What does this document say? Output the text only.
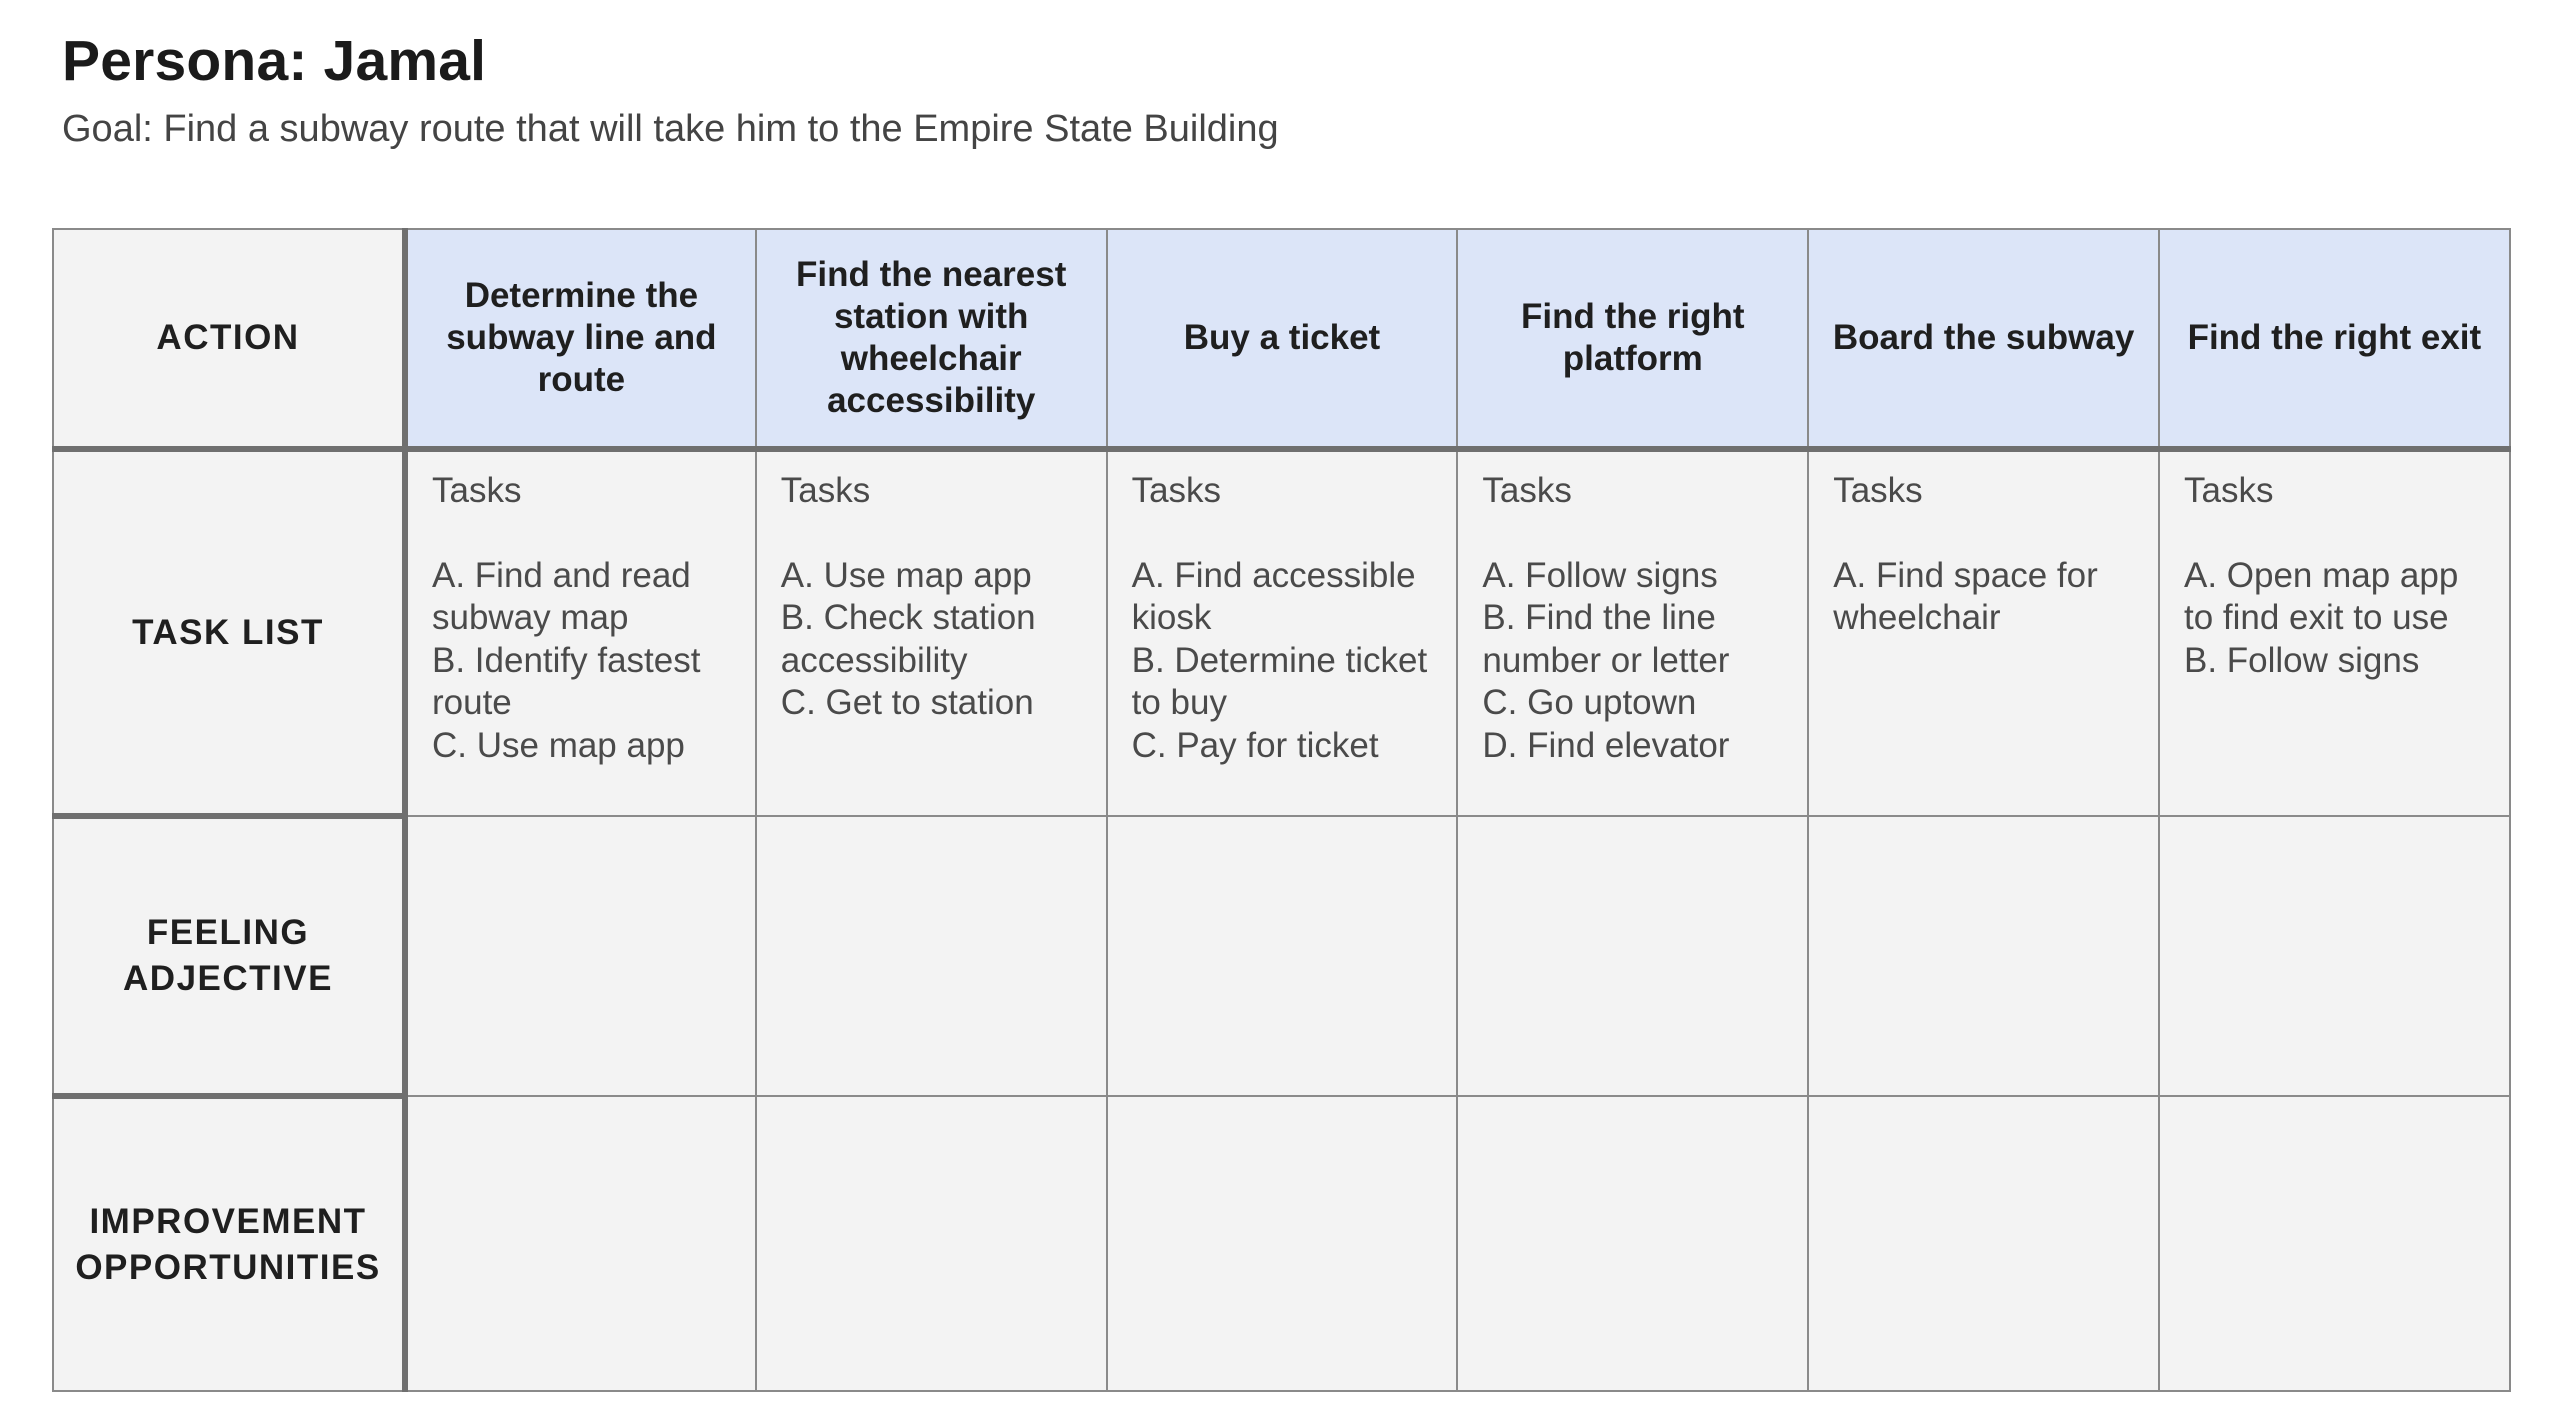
Persona: Jamal
Goal: Find a subway route that will take him to the Empire State Building
ACTION	Determine the subway line and route	Find the nearest station with wheelchair accessibility	Buy a ticket	Find the right platform	Board the subway	Find the right exit
TASK LIST	Tasks
A. Find and read subway map
B. Identify fastest route
C. Use map app	Tasks
A. Use map app
B. Check station accessibility
C. Get to station	Tasks
A. Find accessible kiosk
B. Determine ticket to buy
C. Pay for ticket	Tasks
A. Follow signs
B. Find the line number or letter
C. Go uptown
D. Find elevator	Tasks
A. Find space for wheelchair	Tasks
A. Open map app to find exit to use
B. Follow signs

FEELING ADJECTIVE						
IMPROVEMENT OPPORTUNITIES						
